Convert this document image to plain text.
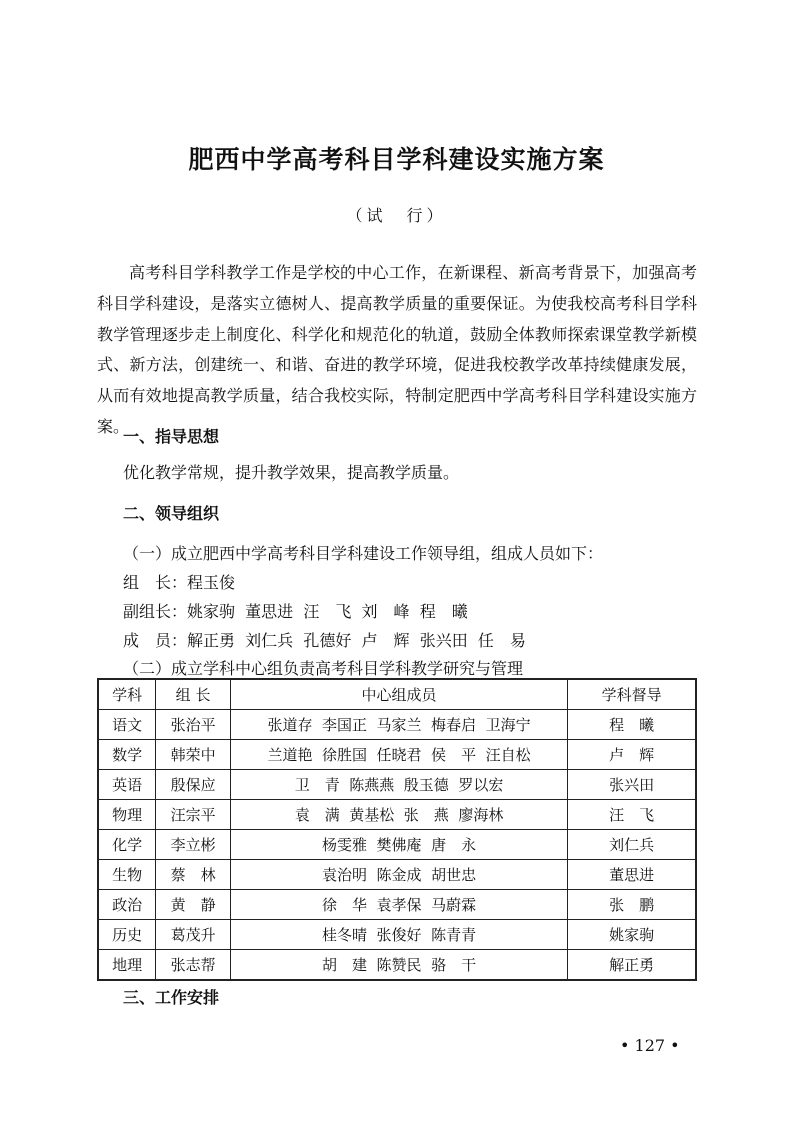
肥西中学高考科目学科建设实施方案
（试　行）

高考科目学科教学工作是学校的中心工作，在新课程、新高考背景下，加强高考科目学科建设，是落实立德树人、提高教学质量的重要保证。为使我校高考科目学科教学管理逐步走上制度化、科学化和规范化的轨道，鼓励全体教师探索课堂教学新模式、新方法，创建统一、和谐、奋进的教学环境，促进我校教学改革持续健康发展，从而有效地提高教学质量，结合我校实际，特制定肥西中学高考科目学科建设实施方案。

一、指导思想
优化教学常规，提升教学效果，提高教学质量。
二、领导组织
（一）成立肥西中学高考科目学科建设工作领导组，组成人员如下：
组　长：程玉俊
副组长：姚家驹  董思进  汪　飞  刘　峰  程　曦
成　员：解正勇  刘仁兵  孔德好  卢　辉  张兴田  任　易
（二）成立学科中心组负责高考科目学科教学研究与管理
学科	组 长	中心组成员	学科督导
语文	张治平	张道存  李国正  马家兰  梅春启  卫海宁	程　曦
数学	韩荣中	兰道艳  徐胜国  任晓君  侯　平  汪自松	卢　辉
英语	殷保应	卫　青  陈燕燕  殷玉德  罗以宏	张兴田
物理	汪宗平	袁　满  黄基松  张　燕  廖海林	汪　飞
化学	李立彬	杨雯雅  樊佛庵  唐　永	刘仁兵
生物	蔡　林	袁治明  陈金成  胡世忠	董思进
政治	黄　静	徐　华  袁孝保  马蔚霖	张　鹏
历史	葛茂升	桂冬晴  张俊好  陈青青	姚家驹
地理	张志帮	胡　建  陈赞民  骆　干	解正勇
三、工作安排
• 127 •
